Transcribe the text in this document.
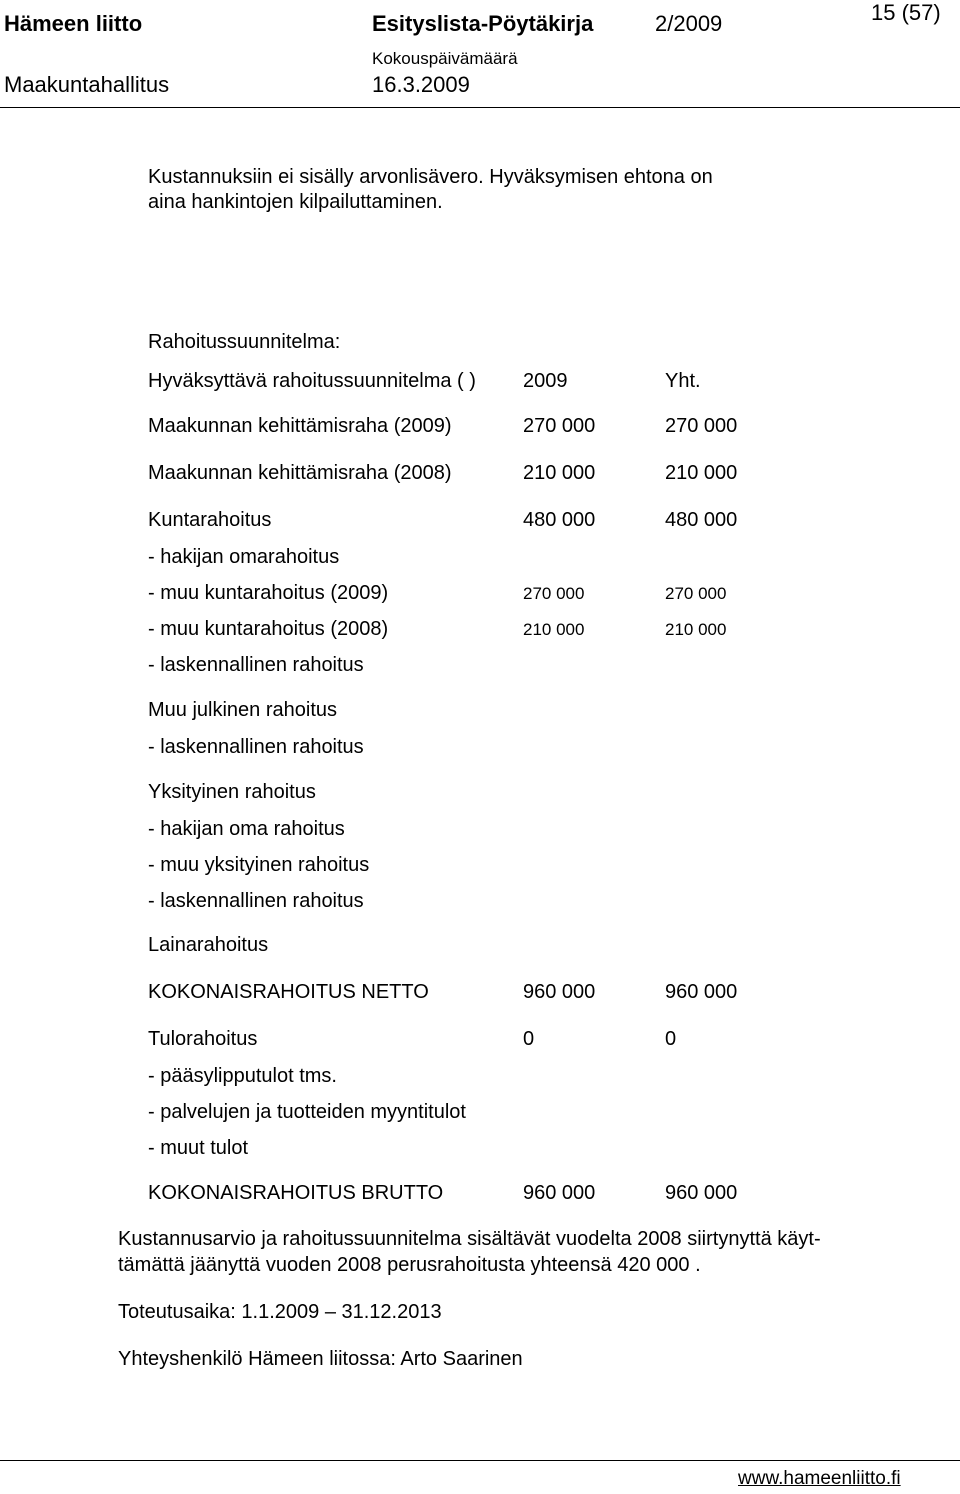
Hämeen liitto	Esityslista-Pöytäkirja	2/2009	15 (57)
Kokouspäivämäärä
Maakuntahallitus	16.3.2009
Kustannuksiin ei sisälly arvonlisävero. Hyväksymisen ehtona on
aina hankintojen kilpailuttaminen.
Rahoitussuunnitelma:
Hyväksyttävä rahoitussuunnitelma ( ) 2009	Yht.
Maakunnan kehittämisraha (2009)	270 000	270 000
Maakunnan kehittämisraha (2008)	210 000	210 000
Kuntarahoitus	480 000	480 000
- hakijan omarahoitus
- muu kuntarahoitus (2009)	270 000	270 000
- muu kuntarahoitus (2008)	210 000	210 000
- laskennallinen rahoitus
Muu julkinen rahoitus
- laskennallinen rahoitus
Yksityinen rahoitus
- hakijan oma rahoitus
- muu yksityinen rahoitus
- laskennallinen rahoitus
Lainarahoitus
KOKONAISRAHOITUS NETTO	960 000	960 000
Tulorahoitus	0	0
- pääsylipputulot tms.
- palvelujen ja tuotteiden myyntitulot
- muut tulot
KOKONAISRAHOITUS BRUTTO	960 000	960 000
Kustannusarvio ja rahoitussuunnitelma sisältävät vuodelta 2008 siirtynyttä käyt-
tämättä jäänyttä vuoden 2008 perusrahoitusta yhteensä 420 000 .
Toteutusaika: 1.1.2009 – 31.12.2013
Yhteyshenkilö Hämeen liitossa: Arto Saarinen
www.hameenliitto.fi
